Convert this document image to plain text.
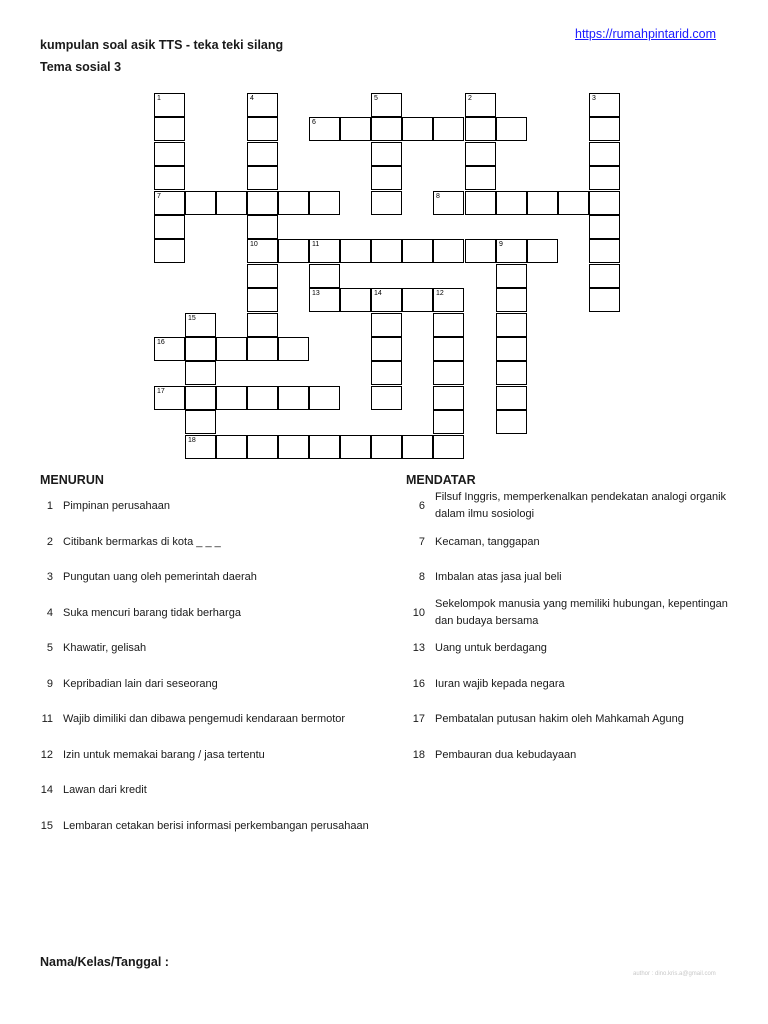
kumpulan soal asik TTS - teka teki silang
Tema sosial 3
https://rumahpintarid.com
1
7
2	3
4
10
5
6
8
9
11
13	12
14
15
18
16
17
MENURUN	MENDATAR
1 Pimpinan perusahaan
2 Citibank bermarkas di kota _ _ _
3 Pungutan uang oleh pemerintah daerah
4 Suka mencuri barang tidak berharga
5 Khawatir, gelisah
9 Kepribadian lain dari seseorang
11 Wajib dimiliki dan dibawa pengemudi kendaraan bermotor
12 Izin untuk memakai barang / jasa tertentu
14 Lawan dari kredit
15 Lembaran cetakan berisi informasi perkembangan perusahaan
6
Filsuf Inggris, memperkenalkan pendekatan analogi organik dalam ilmu sosiologi
7 Kecaman, tanggapan
8 Imbalan atas jasa jual beli
10
Sekelompok manusia yang memiliki hubungan, kepentingan dan budaya bersama
13 Uang untuk berdagang
16 Iuran wajib kepada negara
17 Pembatalan putusan hakim oleh Mahkamah Agung
18 Pembauran dua kebudayaan
Nama/Kelas/Tanggal :
author : dino.kris.a@gmail.com
